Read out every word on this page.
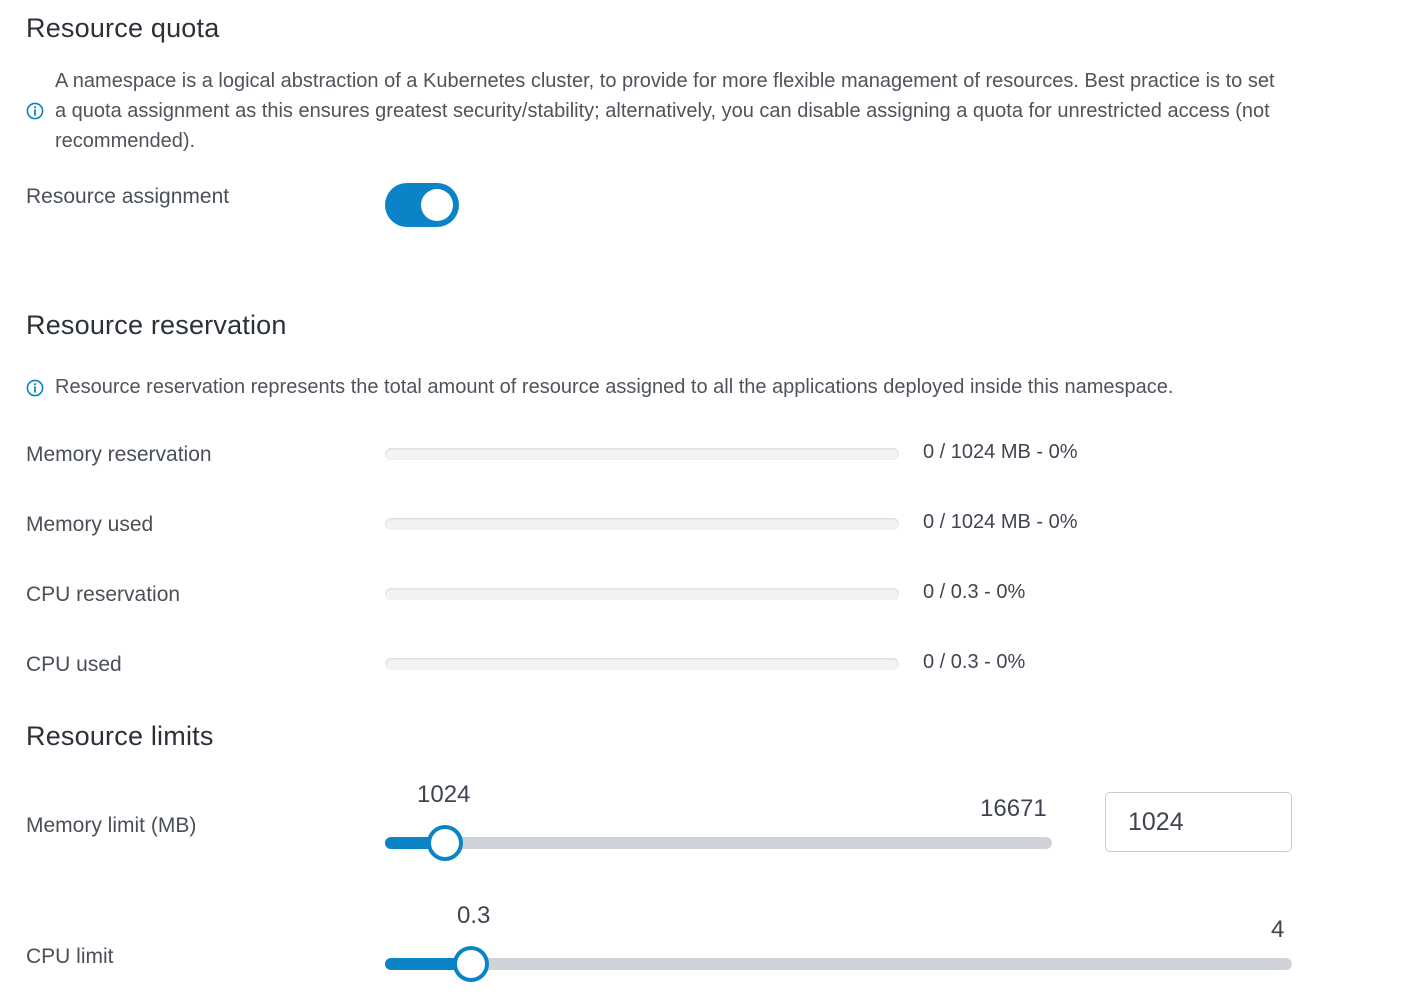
Resource quota
A namespace is a logical abstraction of a Kubernetes cluster, to provide for more flexible management of resources. Best practice is to set
a quota assignment as this ensures greatest security/stability; alternatively, you can disable assigning a quota for unrestricted access (not
recommended).
Resource assignment
Resource reservation
Resource reservation represents the total amount of resource assigned to all the applications deployed inside this namespace.
Memory reservation	0 / 1024 MB - 0%
Memory used	0 / 1024 MB - 0%
CPU reservation	0 / 0.3 - 0%
CPU used	0 / 0.3 - 0%
Resource limits
Memory limit (MB)
1024
16671
1024
CPU limit
0.3
4
